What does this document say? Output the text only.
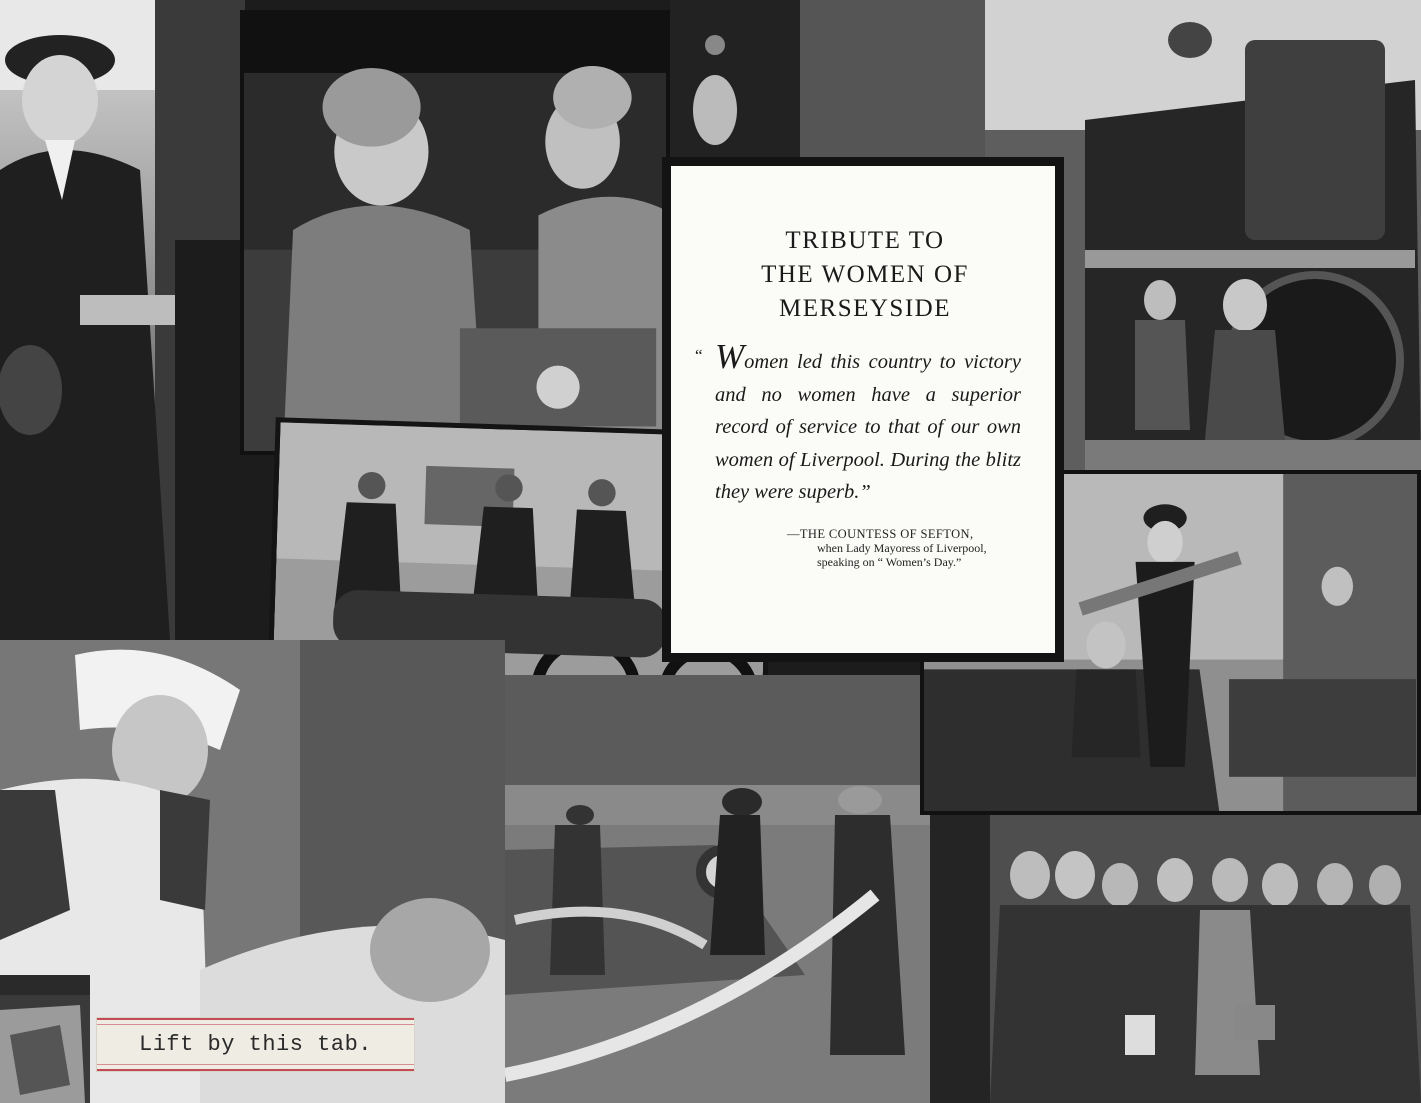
TRIBUTE TO
THE WOMEN OF
MERSEYSIDE

“ Women led this country to victory and no women have a superior record of service to that of our own women of Liverpool. During the blitz they were superb.”

—THE COUNTESS OF SEFTON,
when Lady Mayoress of Liverpool,
speaking on “ Women’s Day.”
Lift by this tab.
